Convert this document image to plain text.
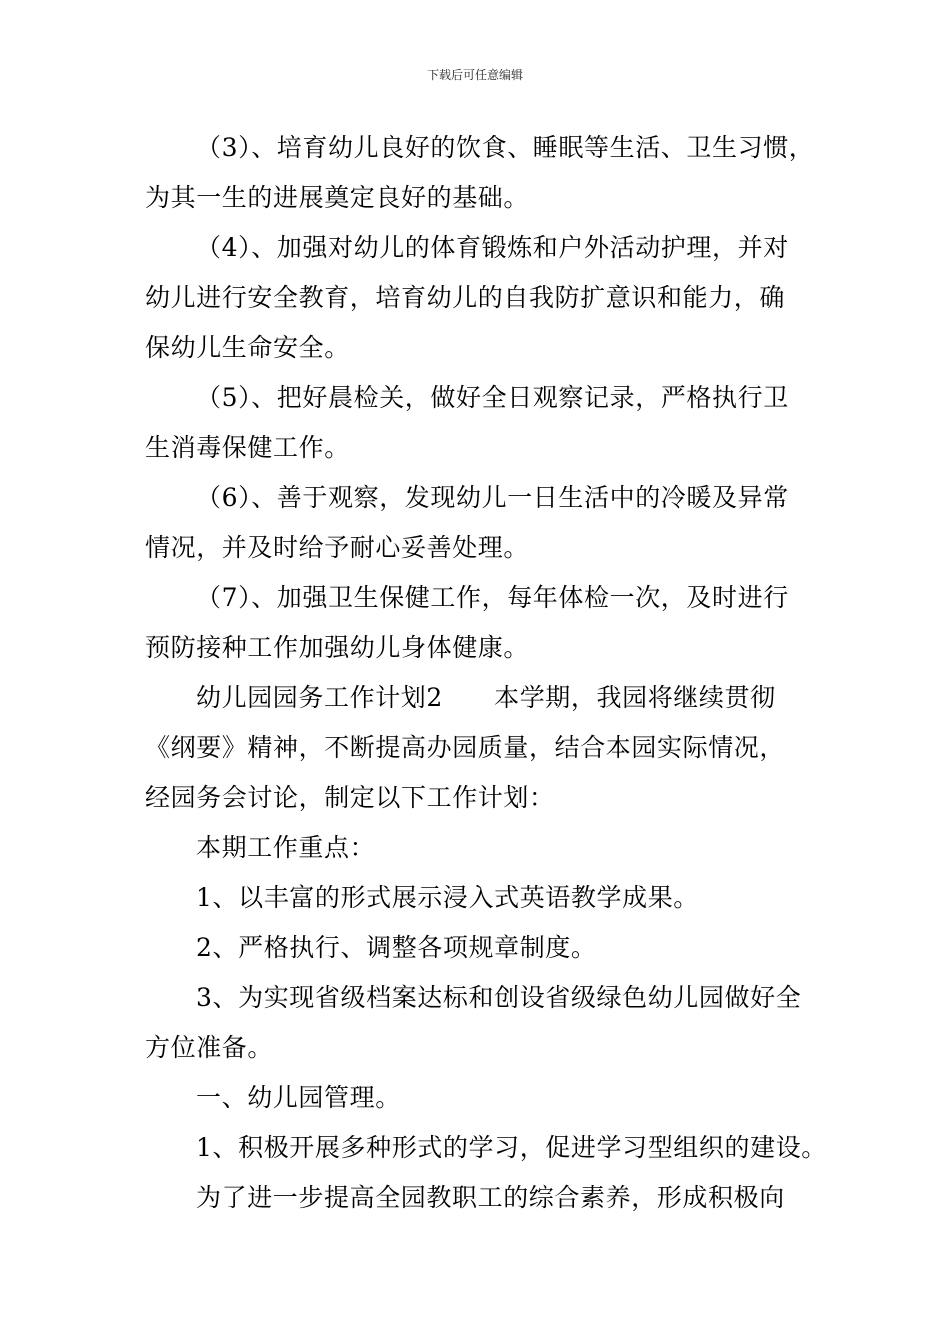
下载后可任意编辑
（3）、培育幼儿良好的饮食、睡眠等生活、卫生习惯，
为其一生的进展奠定良好的基础。
（4）、加强对幼儿的体育锻炼和户外活动护理，并对
幼儿进行安全教育，培育幼儿的自我防扩意识和能力，确
保幼儿生命安全。
（5）、把好晨检关，做好全日观察记录，严格执行卫
生消毒保健工作。
（6）、善于观察，发现幼儿一日生活中的冷暖及异常
情况，并及时给予耐心妥善处理。
（7）、加强卫生保健工作，每年体检一次，及时进行
预防接种工作加强幼儿身体健康。
幼儿园园务工作计划2　　本学期，我园将继续贯彻
《纲要》精神，不断提高办园质量，结合本园实际情况，
经园务会讨论，制定以下工作计划：
本期工作重点：
1、以丰富的形式展示浸入式英语教学成果。
2、严格执行、调整各项规章制度。
3、为实现省级档案达标和创设省级绿色幼儿园做好全
方位准备。
一、幼儿园管理。
1、积极开展多种形式的学习，促进学习型组织的建设。
为了进一步提高全园教职工的综合素养，形成积极向
